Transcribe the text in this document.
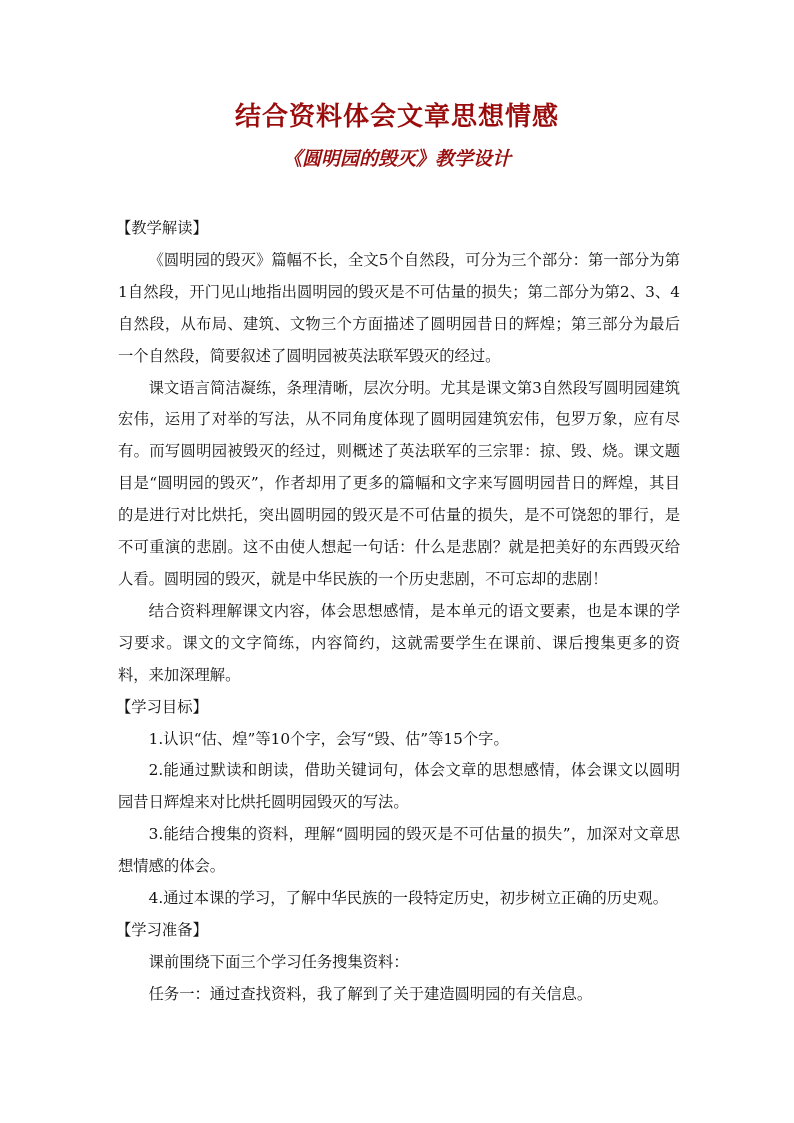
结合资料体会文章思想情感
《圆明园的毁灭》教学设计

【教学解读】

《圆明园的毁灭》篇幅不长，全文5个自然段，可分为三个部分：第一部分为第1自然段，开门见山地指出圆明园的毁灭是不可估量的损失；第二部分为第2、3、4自然段，从布局、建筑、文物三个方面描述了圆明园昔日的辉煌；第三部分为最后一个自然段，简要叙述了圆明园被英法联军毁灭的经过。

课文语言简洁凝练，条理清晰，层次分明。尤其是课文第3自然段写圆明园建筑宏伟，运用了对举的写法，从不同角度体现了圆明园建筑宏伟，包罗万象，应有尽有。而写圆明园被毁灭的经过，则概述了英法联军的三宗罪：掠、毁、烧。课文题目是“圆明园的毁灭”，作者却用了更多的篇幅和文字来写圆明园昔日的辉煌，其目的是进行对比烘托，突出圆明园的毁灭是不可估量的损失，是不可饶恕的罪行，是不可重演的悲剧。这不由使人想起一句话：什么是悲剧？就是把美好的东西毁灭给人看。圆明园的毁灭，就是中华民族的一个历史悲剧，不可忘却的悲剧！

结合资料理解课文内容，体会思想感情，是本单元的语文要素，也是本课的学习要求。课文的文字简练，内容简约，这就需要学生在课前、课后搜集更多的资料，来加深理解。

【学习目标】

1.认识“估、煌”等10个字，会写“毁、估”等15个字。

2.能通过默读和朗读，借助关键词句，体会文章的思想感情，体会课文以圆明园昔日辉煌来对比烘托圆明园毁灭的写法。

3.能结合搜集的资料，理解“圆明园的毁灭是不可估量的损失”，加深对文章思想情感的体会。

4.通过本课的学习，了解中华民族的一段特定历史，初步树立正确的历史观。

【学习准备】

课前围绕下面三个学习任务搜集资料：

任务一：通过查找资料，我了解到了关于建造圆明园的有关信息。
